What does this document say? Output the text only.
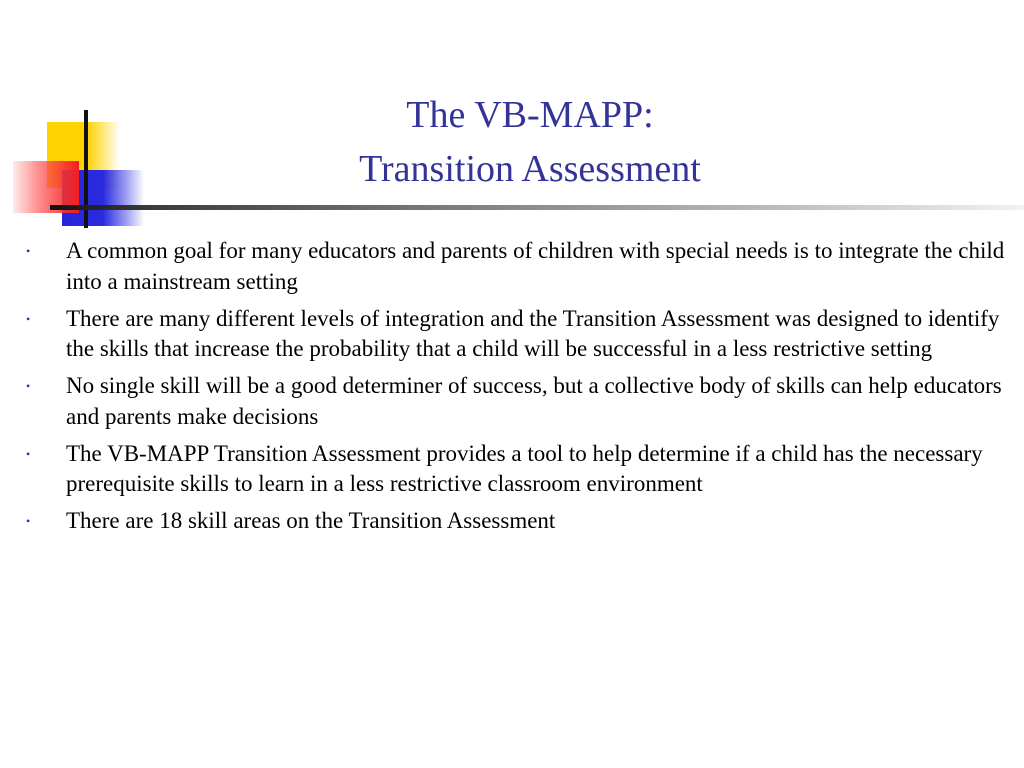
The VB-MAPP:
Transition Assessment
• A common goal for many educators and parents of children with special needs is to integrate the child into a mainstream setting
• There are many different levels of integration and the Transition Assessment was designed to identify the skills that increase the probability that a child will be successful in a less restrictive setting
• No single skill will be a good determiner of success, but a collective body of skills can help educators and parents make decisions
• The VB-MAPP Transition Assessment provides a tool to help determine if a child has the necessary prerequisite skills to learn in a less restrictive classroom environment
• There are 18 skill areas on the Transition Assessment
